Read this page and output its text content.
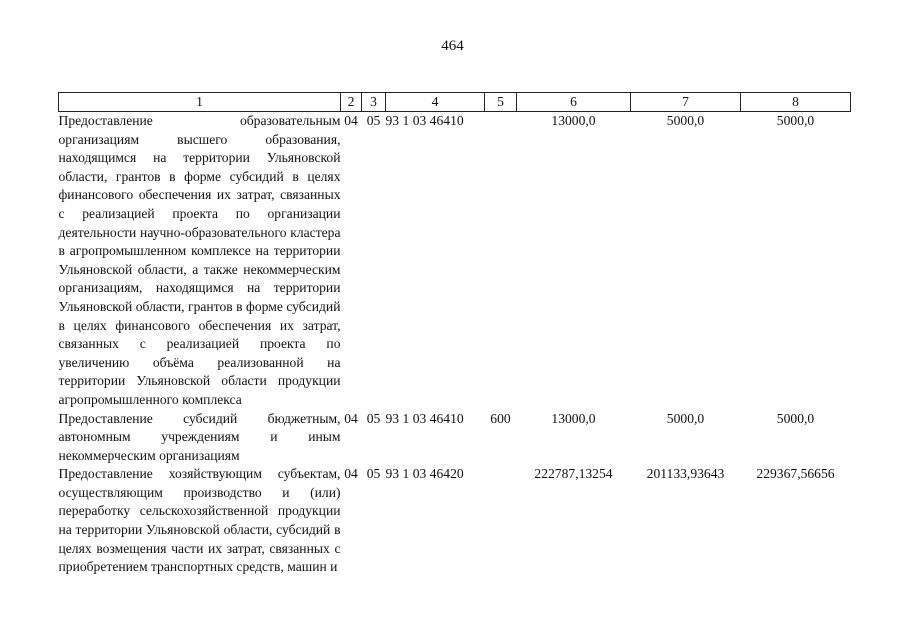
464
1	2	3	4	5	6	7	8
Предоставление образовательным организациям высшего образования, находящимся на территории Ульяновской области, грантов в форме субсидий в целях финансового обеспечения их затрат, связанных с реализацией проекта по организации деятельности научно-образовательного кластера в агропромышленном комплексе на территории Ульяновской области, а также некоммерческим организациям, находящимся на территории Ульяновской области, грантов в форме субсидий в целях финансового обеспечения их затрат, связанных с реализацией проекта по увеличению объёма реализованной на территории Ульяновской области продукции агропромышленного комплекса	04	05	93 1 03 46410		13000,0	5000,0	5000,0
Предоставление субсидий бюджетным, автономным учреждениям и иным некоммерческим организациям	04	05	93 1 03 46410	600	13000,0	5000,0	5000,0
Предоставление хозяйствующим субъектам, осуществляющим производство и (или) переработку сельскохозяйственной продукции на территории Ульяновской области, субсидий в целях возмещения части их затрат, связанных с приобретением транспортных средств, машин и	04	05	93 1 03 46420		222787,13254	201133,93643	229367,56656
